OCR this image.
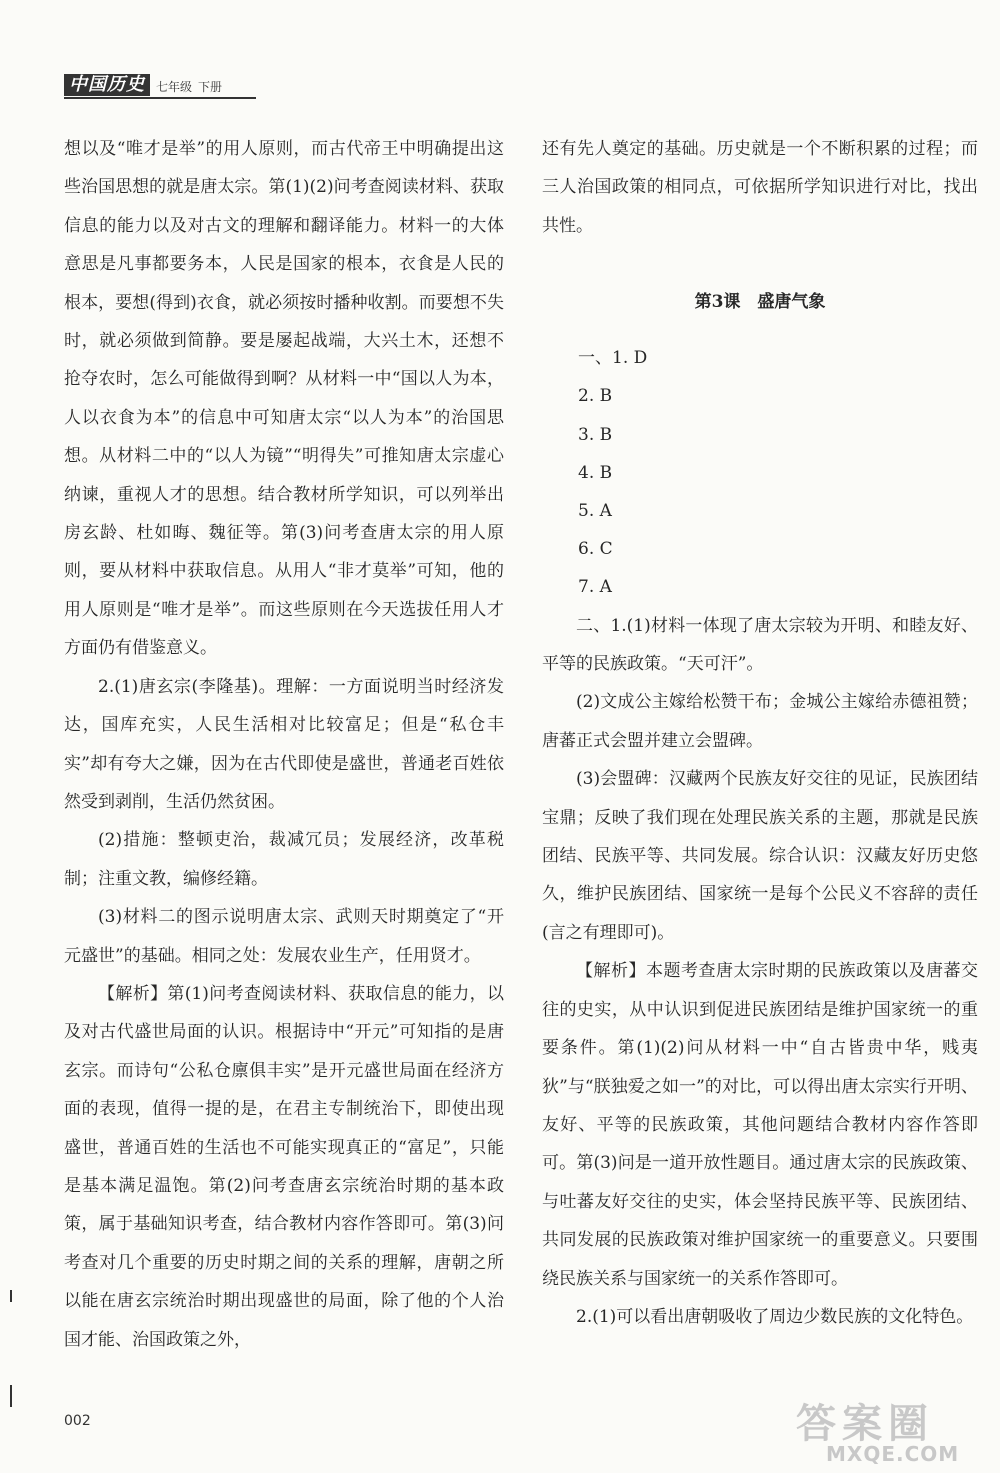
中国历史 七年级 下册

想以及“唯才是举”的用人原则，而古代帝王中明确提出这些治国思想的就是唐太宗。第(1)(2)问考查阅读材料、获取信息的能力以及对古文的理解和翻译能力。材料一的大体意思是凡事都要务本，人民是国家的根本，衣食是人民的根本，要想(得到)衣食，就必须按时播种收割。而要想不失时，就必须做到简静。要是屡起战端，大兴土木，还想不抢夺农时，怎么可能做得到啊？从材料一中“国以人为本，人以衣食为本”的信息中可知唐太宗“以人为本”的治国思想。从材料二中的“以人为镜”“明得失”可推知唐太宗虚心纳谏，重视人才的思想。结合教材所学知识，可以列举出房玄龄、杜如晦、魏征等。第(3)问考查唐太宗的用人原则，要从材料中获取信息。从用人“非才莫举”可知，他的用人原则是“唯才是举”。而这些原则在今天选拔任用人才方面仍有借鉴意义。

2.(1)唐玄宗(李隆基)。理解：一方面说明当时经济发达，国库充实，人民生活相对比较富足；但是“私仓丰实”却有夸大之嫌，因为在古代即使是盛世，普通老百姓依然受到剥削，生活仍然贫困。

(2)措施：整顿吏治，裁减冗员；发展经济，改革税制；注重文教，编修经籍。

(3)材料二的图示说明唐太宗、武则天时期奠定了“开元盛世”的基础。相同之处：发展农业生产，任用贤才。

【解析】第(1)问考查阅读材料、获取信息的能力，以及对古代盛世局面的认识。根据诗中“开元”可知指的是唐玄宗。而诗句“公私仓廪俱丰实”是开元盛世局面在经济方面的表现，值得一提的是，在君主专制统治下，即使出现盛世，普通百姓的生活也不可能实现真正的“富足”，只能是基本满足温饱。第(2)问考查唐玄宗统治时期的基本政策，属于基础知识考查，结合教材内容作答即可。第(3)问考查对几个重要的历史时期之间的关系的理解，唐朝之所以能在唐玄宗统治时期出现盛世的局面，除了他的个人治国才能、治国政策之外，

还有先人奠定的基础。历史就是一个不断积累的过程；而三人治国政策的相同点，可依据所学知识进行对比，找出共性。

第3课　盛唐气象

一、1. D

2. B

3. B

4. B

5. A

6. C

7. A

二、1.(1)材料一体现了唐太宗较为开明、和睦友好、平等的民族政策。“天可汗”。

(2)文成公主嫁给松赞干布；金城公主嫁给赤德祖赞；唐蕃正式会盟并建立会盟碑。

(3)会盟碑：汉藏两个民族友好交往的见证，民族团结宝鼎；反映了我们现在处理民族关系的主题，那就是民族团结、民族平等、共同发展。综合认识：汉藏友好历史悠久，维护民族团结、国家统一是每个公民义不容辞的责任(言之有理即可)。

【解析】本题考查唐太宗时期的民族政策以及唐蕃交往的史实，从中认识到促进民族团结是维护国家统一的重要条件。第(1)(2)问从材料一中“自古皆贵中华，贱夷狄”与“朕独爱之如一”的对比，可以得出唐太宗实行开明、友好、平等的民族政策，其他问题结合教材内容作答即可。第(3)问是一道开放性题目。通过唐太宗的民族政策、与吐蕃友好交往的史实，体会坚持民族平等、民族团结、共同发展的民族政策对维护国家统一的重要意义。只要围绕民族关系与国家统一的关系作答即可。

2.(1)可以看出唐朝吸收了周边少数民族的文化特色。

002	答案圈
MXQE.COM
